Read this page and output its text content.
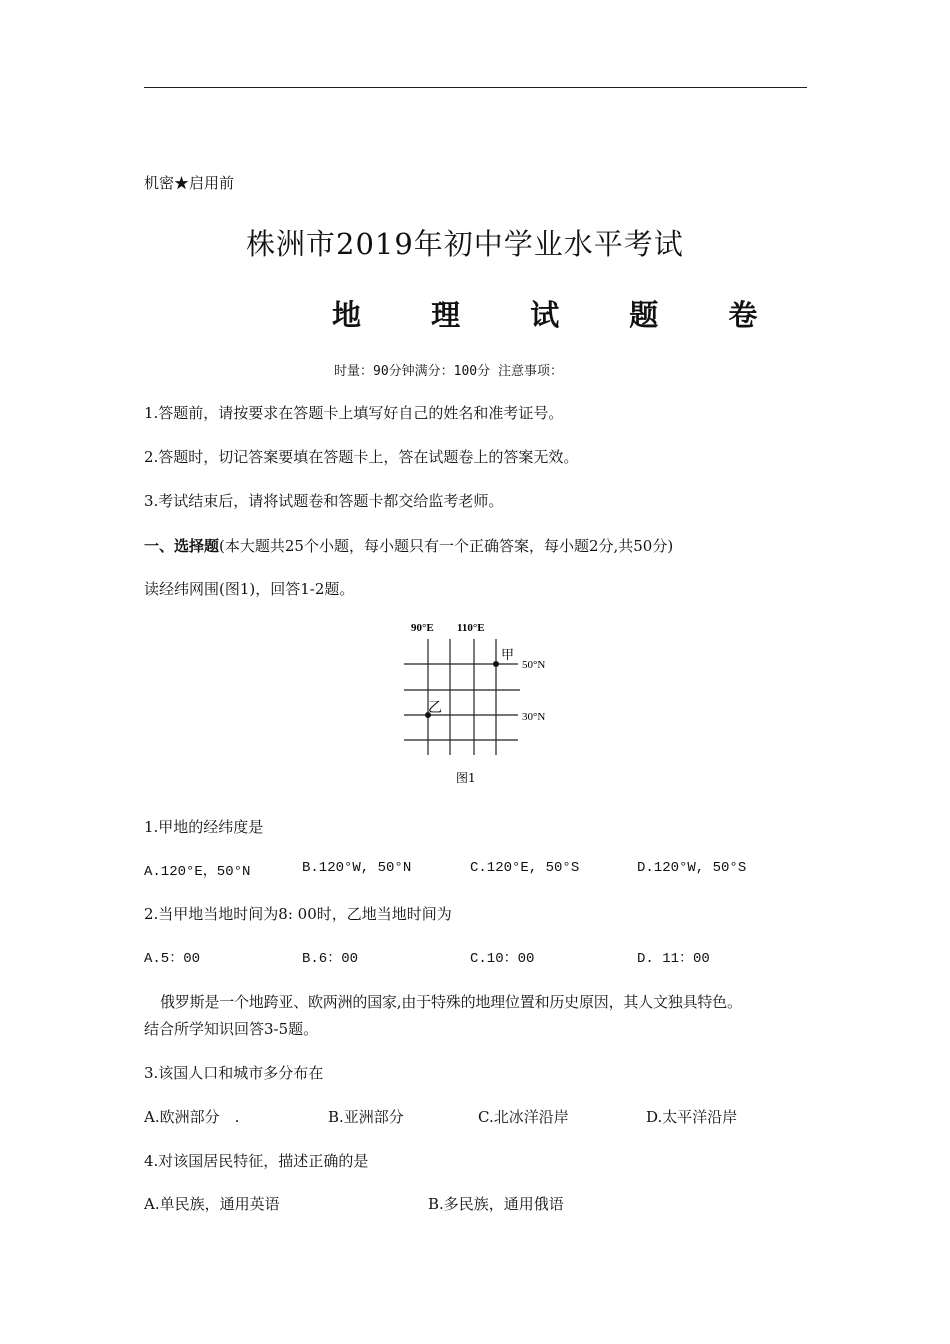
机密★启用前
株洲市2019年初中学业水平考试
地 理 试 题 卷
时量：90分钟满分：100分 注意事项：
1.答题前，请按要求在答题卡上填写好自己的姓名和准考证号。
2.答题时，切记答案要填在答题卡上，答在试题卷上的答案无效。
3.考试结束后，请将试题卷和答题卡都交给监考老师。
一、选择题(本大题共25个小题，每小题只有一个正确答案，每小题2分,共50分)
读经纬网围(图1)，回答1-2题。
90°E 110°E
50°N
30°N
甲
乙
图1
1.甲地的经纬度是
A.120°E，50°N	B.120°W, 50°N	C.120°E, 50°S	D.120°W, 50°S
2.当甲地当地时间为8: 00时，乙地当地时间为
A.5：00	B.6：00	C.10：00	D. 11：00
俄罗斯是一个地跨亚、欧两洲的国家,由于特殊的地理位置和历史原因，其人文独具特色。
结合所学知识回答3-5题。
3.该国人口和城市多分布在
A.欧洲部分　.	B.亚洲部分	C.北冰洋沿岸	D.太平洋沿岸
4.对该国居民特征，描述正确的是
A.单民族，通用英语	B.多民族，通用俄语
